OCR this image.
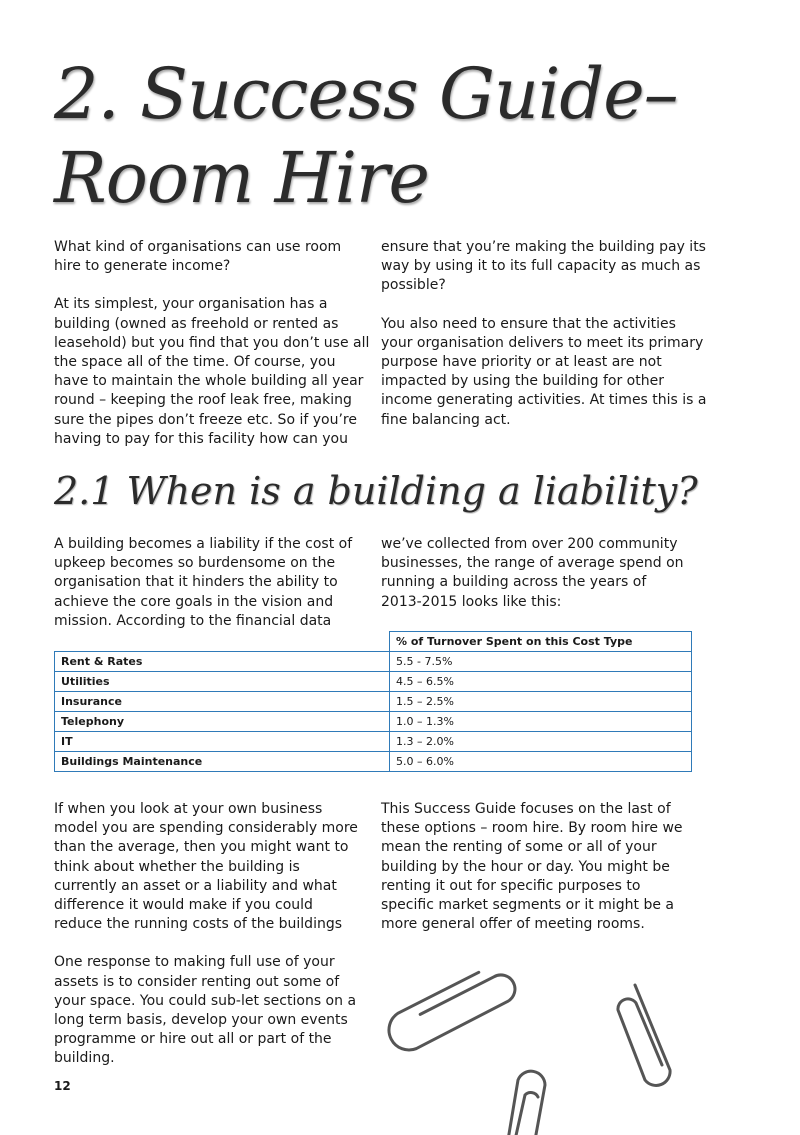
2. Success Guide–
Room Hire

What kind of organisations can use room hire to generate income?

At its simplest, your organisation has a building (owned as freehold or rented as leasehold) but you find that you don’t use all the space all of the time. Of course, you have to maintain the whole building all year round – keeping the roof leak free, making sure the pipes don’t freeze etc. So if you’re having to pay for this facility how can you

ensure that you’re making the building pay its way by using it to its full capacity as much as possible?

You also need to ensure that the activities your organisation delivers to meet its primary purpose have priority or at least are not impacted by using the building for other income generating activities. At times this is a fine balancing act.

2.1 When is a building a liability?

A building becomes a liability if the cost of upkeep becomes so burdensome on the organisation that it hinders the ability to achieve the core goals in the vision and mission. According to the financial data

we’ve collected from over 200 community businesses, the range of average spend on running a building across the years of 2013-2015 looks like this:

	% of Turnover Spent on this Cost Type
Rent & Rates	5.5 - 7.5%
Utilities	4.5 – 6.5%
Insurance	1.5 – 2.5%
Telephony	1.0 – 1.3%
IT	1.3 – 2.0%
Buildings Maintenance	5.0 – 6.0%

If when you look at your own business model you are spending considerably more than the average, then you might want to think about whether the building is currently an asset or a liability and what difference it would make if you could reduce the running costs of the buildings

One response to making full use of your assets is to consider renting out some of your space. You could sub-let sections on a long term basis, develop your own events programme or hire out all or part of the building.

This Success Guide focuses on the last of these options – room hire. By room hire we mean the renting of some or all of your building by the hour or day. You might be renting it out for specific purposes to specific market segments or it might be a more general offer of meeting rooms.

12
